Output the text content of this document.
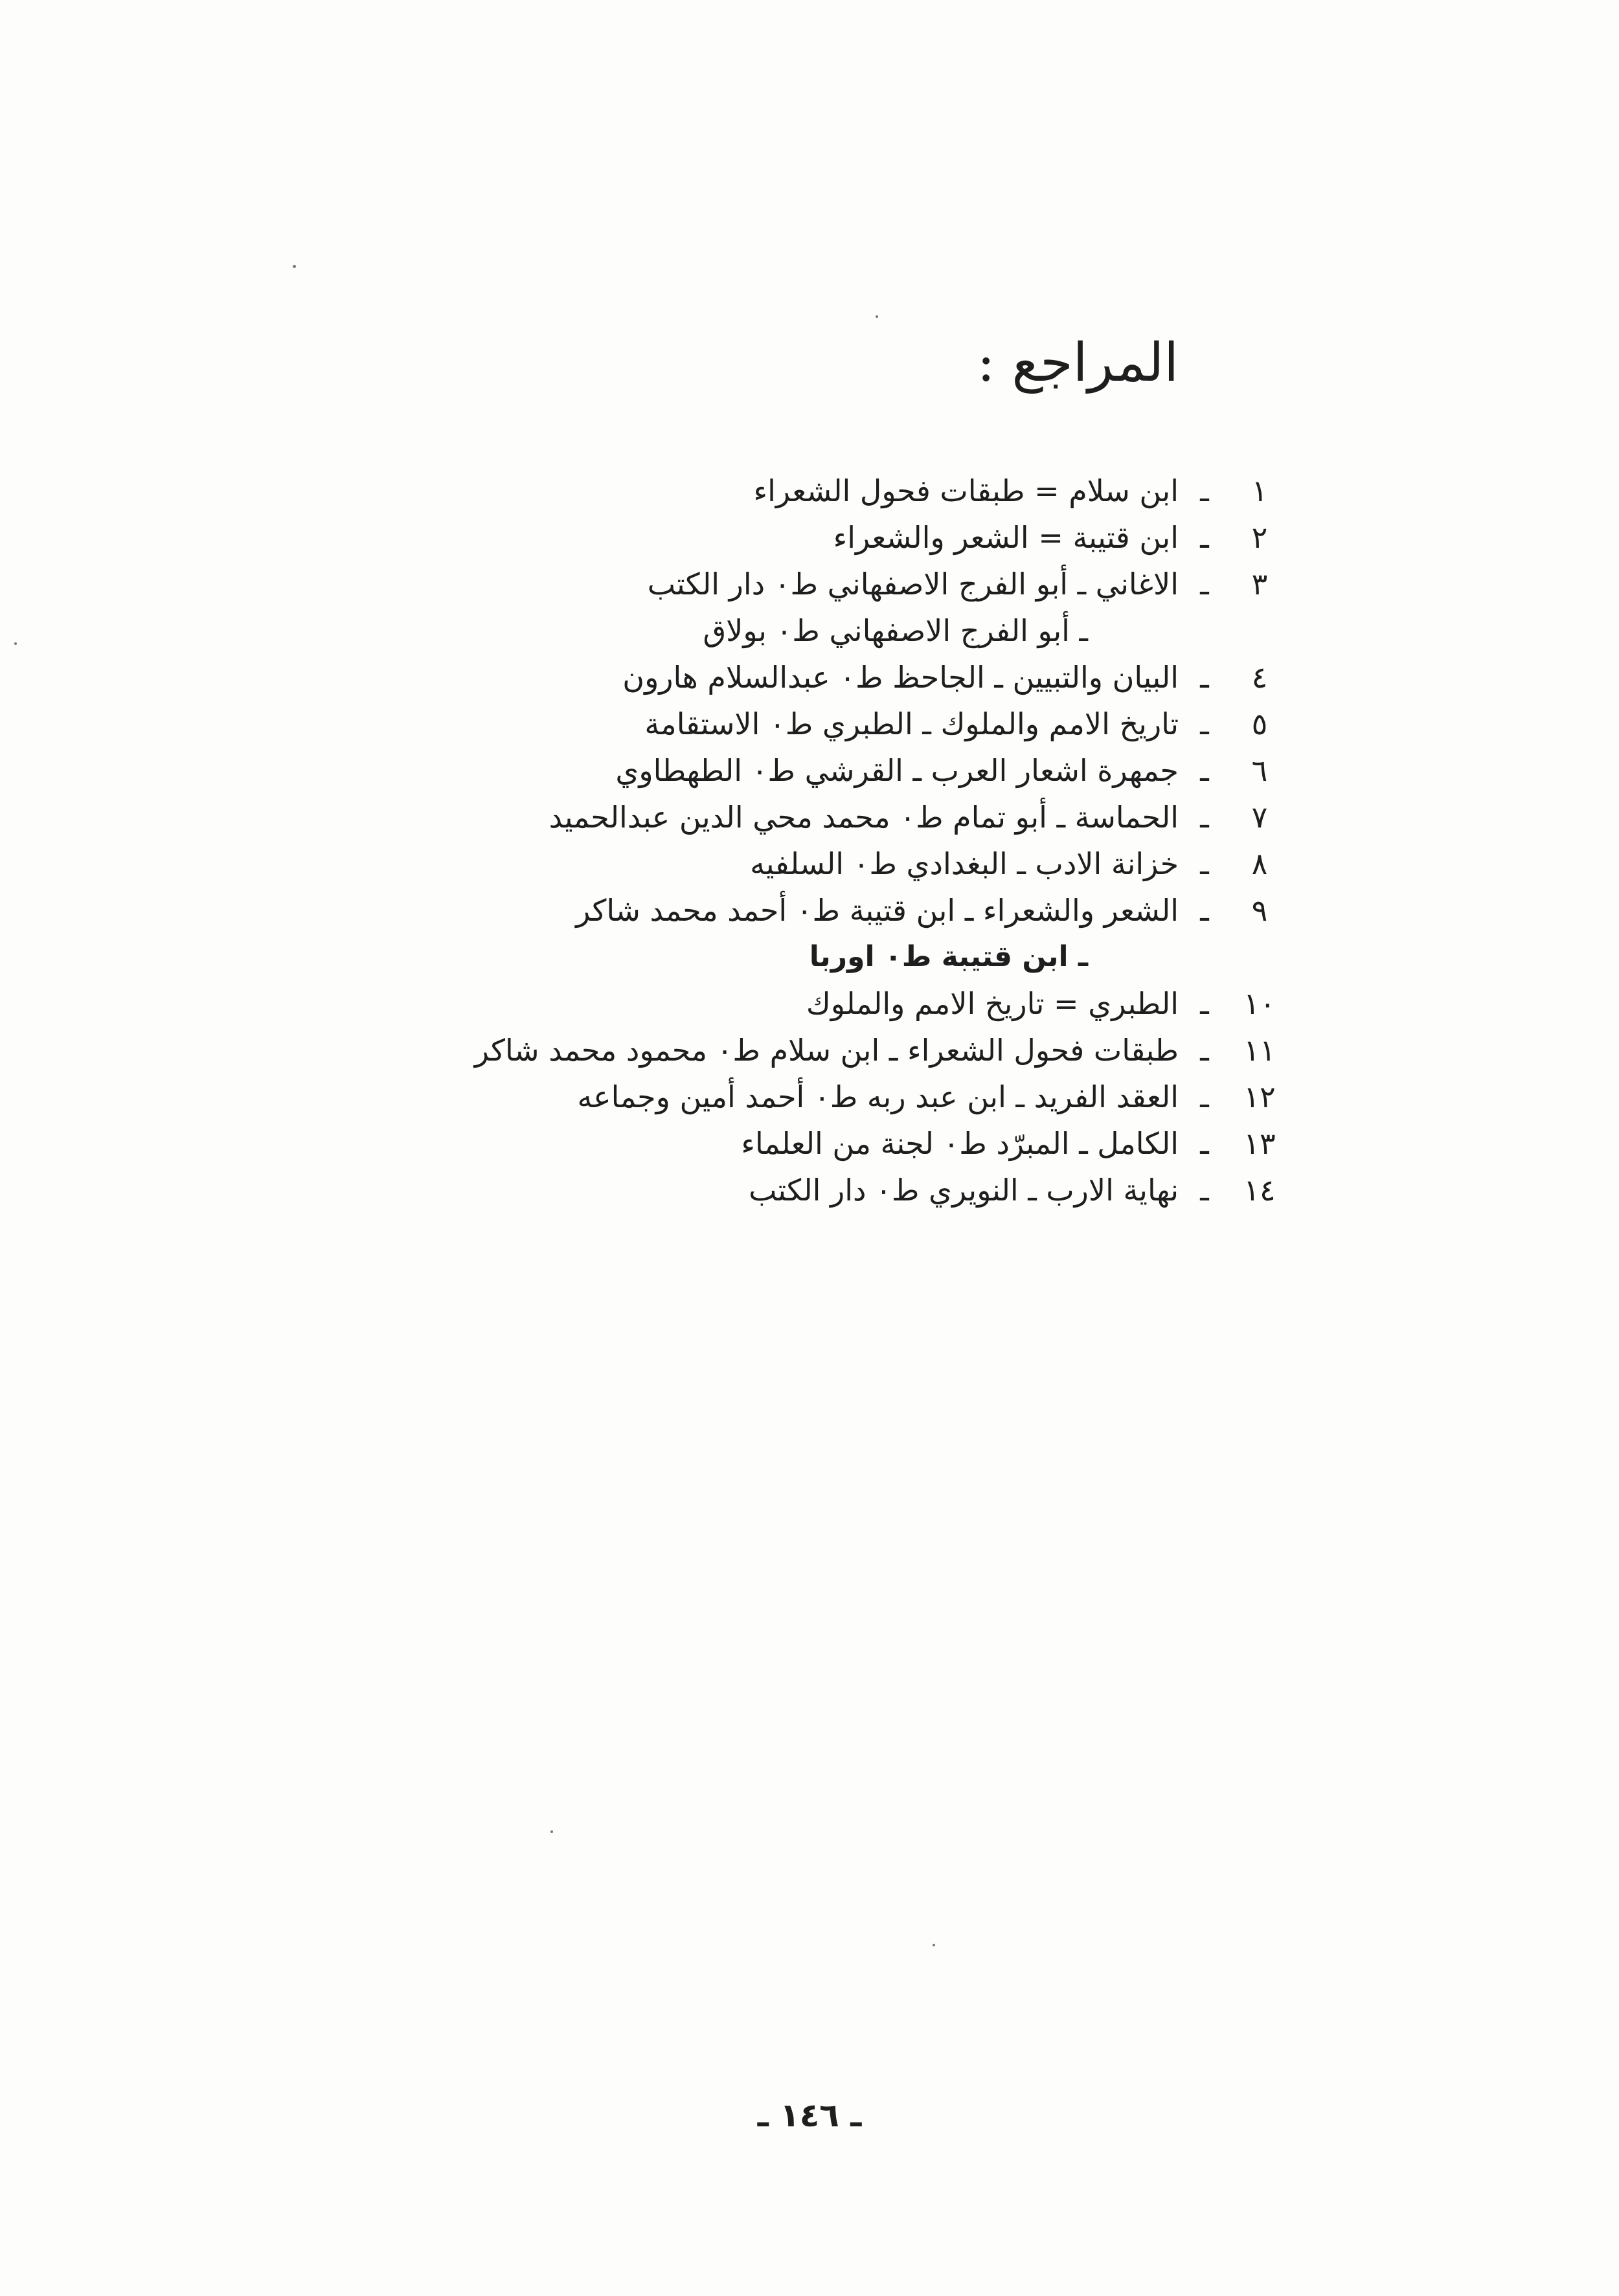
المراجع :
١
ـ
ابن سلام = طبقات فحول الشعراء
٢
ـ
ابن قتيبة = الشعر والشعراء
٣
ـ
الاغاني ـ أبو الفرج الاصفهاني ط٠ دار الكتب
ـ أبو الفرج الاصفهاني ط٠ بولاق
٤
ـ
البيان والتبيين ـ الجاحظ ط٠ عبدالسلام هارون
٥
ـ
تاريخ الامم والملوك ـ الطبري ط٠ الاستقامة
٦
ـ
جمهرة اشعار العرب ـ القرشي ط٠ الطهطاوي
٧
ـ
الحماسة ـ أبو تمام ط٠ محمد محي الدين عبدالحميد
٨
ـ
خزانة الادب ـ البغدادي ط٠ السلفيه
٩
ـ
الشعر والشعراء ـ ابن قتيبة ط٠ أحمد محمد شاكر
ـ ابن قتيبة ط٠ اوربا
١٠
ـ
الطبري = تاريخ الامم والملوك
١١
ـ
طبقات فحول الشعراء ـ ابن سلام ط٠ محمود محمد شاكر
١٢
ـ
العقد الفريد ـ ابن عبد ربه ط٠ أحمد أمين وجماعه
١٣
ـ
الكامل ـ المبرّد ط٠ لجنة من العلماء
١٤
ـ
نهاية الارب ـ النويري ط٠ دار الكتب
ـ ١٤٦ ـ
